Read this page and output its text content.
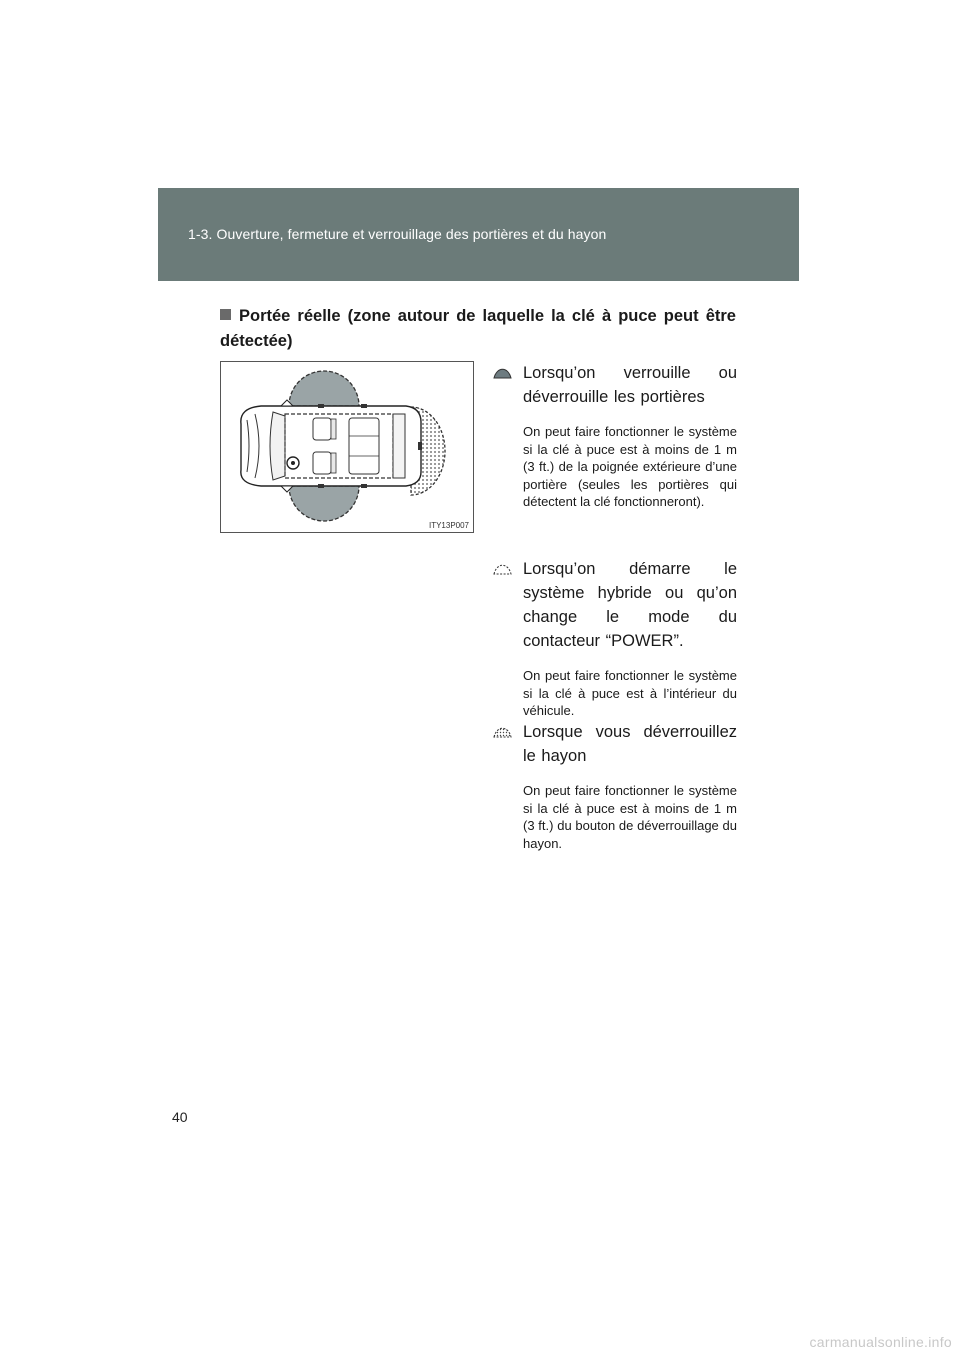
1-3. Ouverture, fermeture et verrouillage des portières et du hayon
Portée réelle (zone autour de laquelle la clé à puce peut être détectée)
ITY13P007
Lorsqu’on verrouille ou déverrouille les portières
On peut faire fonctionner le système si la clé à puce est à moins de 1 m (3 ft.) de la poignée extérieure d’une portière (seules les portières qui détectent la clé fonctionneront).
Lorsqu’on démarre le système hybride ou qu’on change le mode du contacteur “POWER”.
On peut faire fonctionner le système si la clé à puce est à l’intérieur du véhicule.
Lorsque vous déverrouillez le hayon
On peut faire fonctionner le système si la clé à puce est à moins de 1 m (3 ft.) du bouton de déverrouillage du hayon.
40
carmanualsonline.info
